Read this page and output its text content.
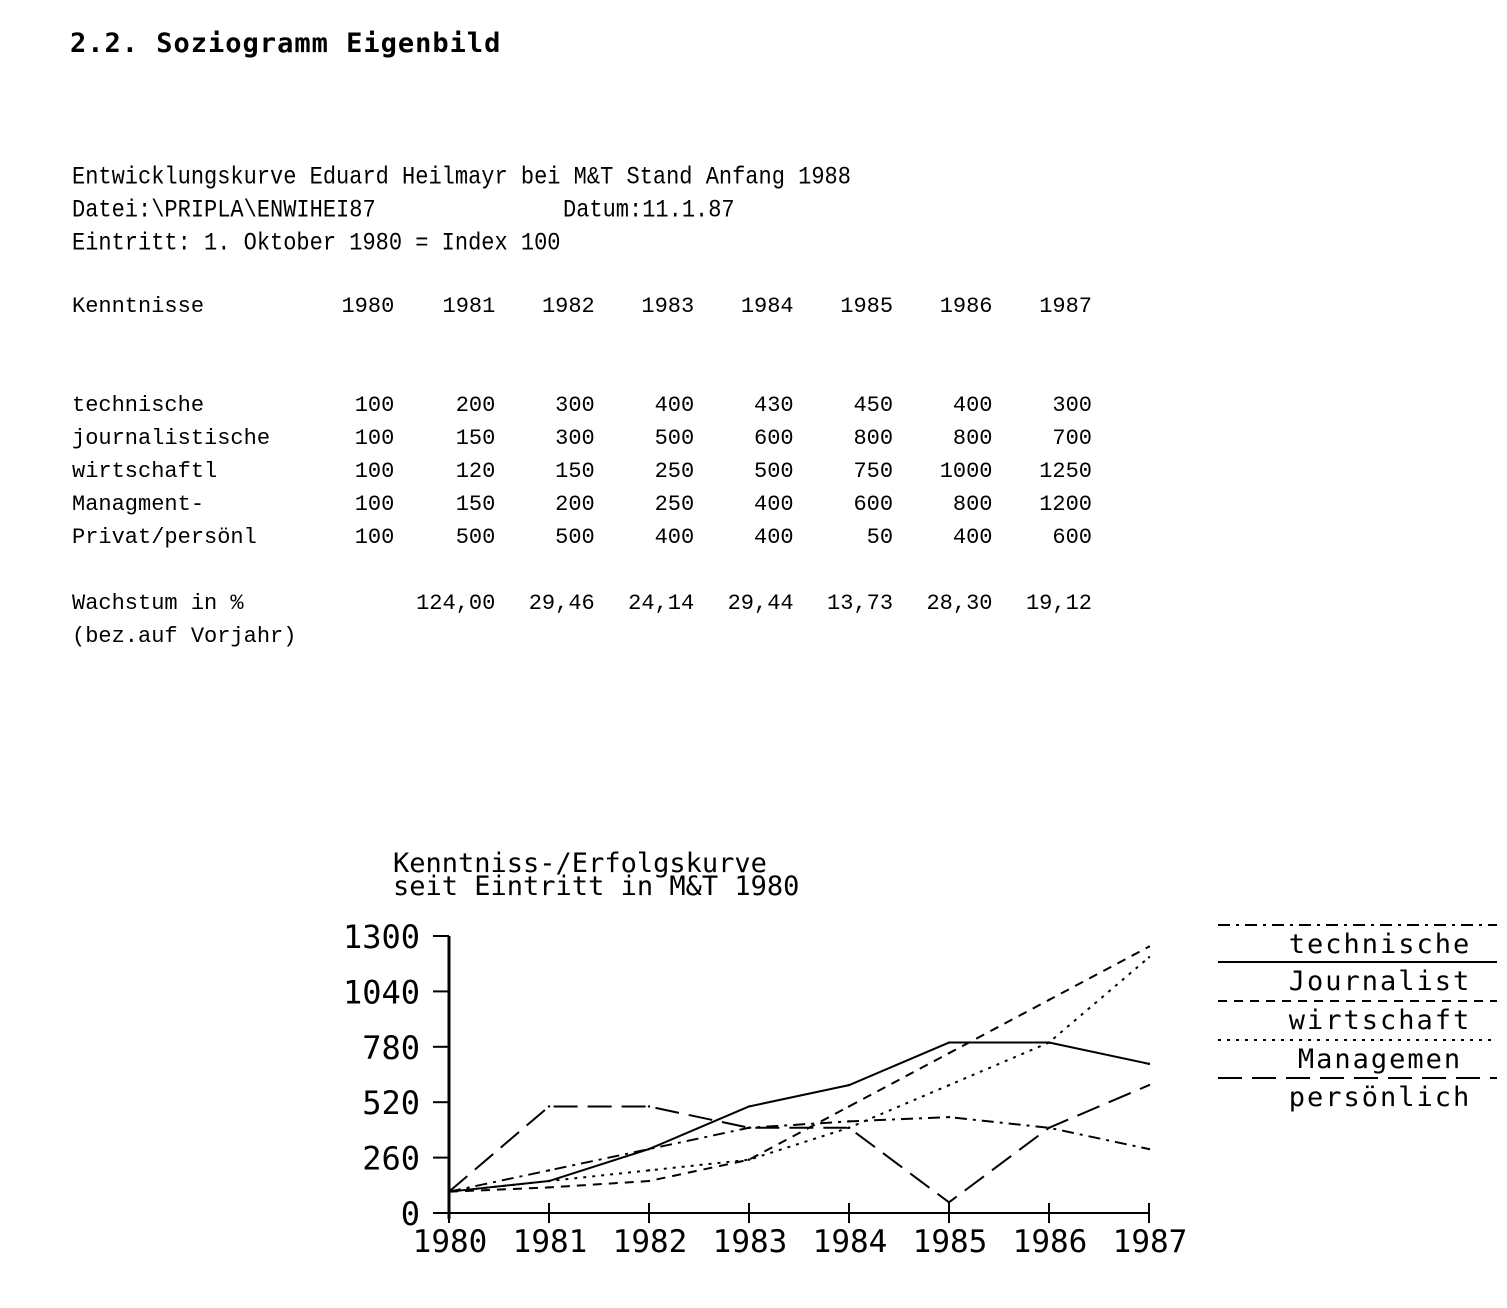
2.2. Soziogramm Eigenbild
Entwicklungskurve Eduard Heilmayr bei M&T Stand Anfang 1988
Datei:\PRIPLA\ENWIHEI87	Datum:11.1.87
Eintritt: 1. Oktober 1980 = Index 100
Kenntnisse	1980	1981	1982	1983	1984	1985	1986	1987

technische	100	200	300	400	430	450	400	300
journalistische	100	150	300	500	600	800	800	700
wirtschaftl	100	120	150	250	500	750	1000	1250
Managment-	100	150	200	250	400	600	800	1200
Privat/persönl	100	500	500	400	400	50	400	600

Wachstum in %		124,00	29,46	24,14	29,44	13,73	28,30	19,12
(bez.auf Vorjahr)								
Kenntniss-/Erfolgskurve
seit Eintritt in M&T 1980
0
260
520
780
1040
1300
1980 1981 1982 1983 1984 1985 1986 1987
technische
Journalist
wirtschaft
Managemen
persönlich
